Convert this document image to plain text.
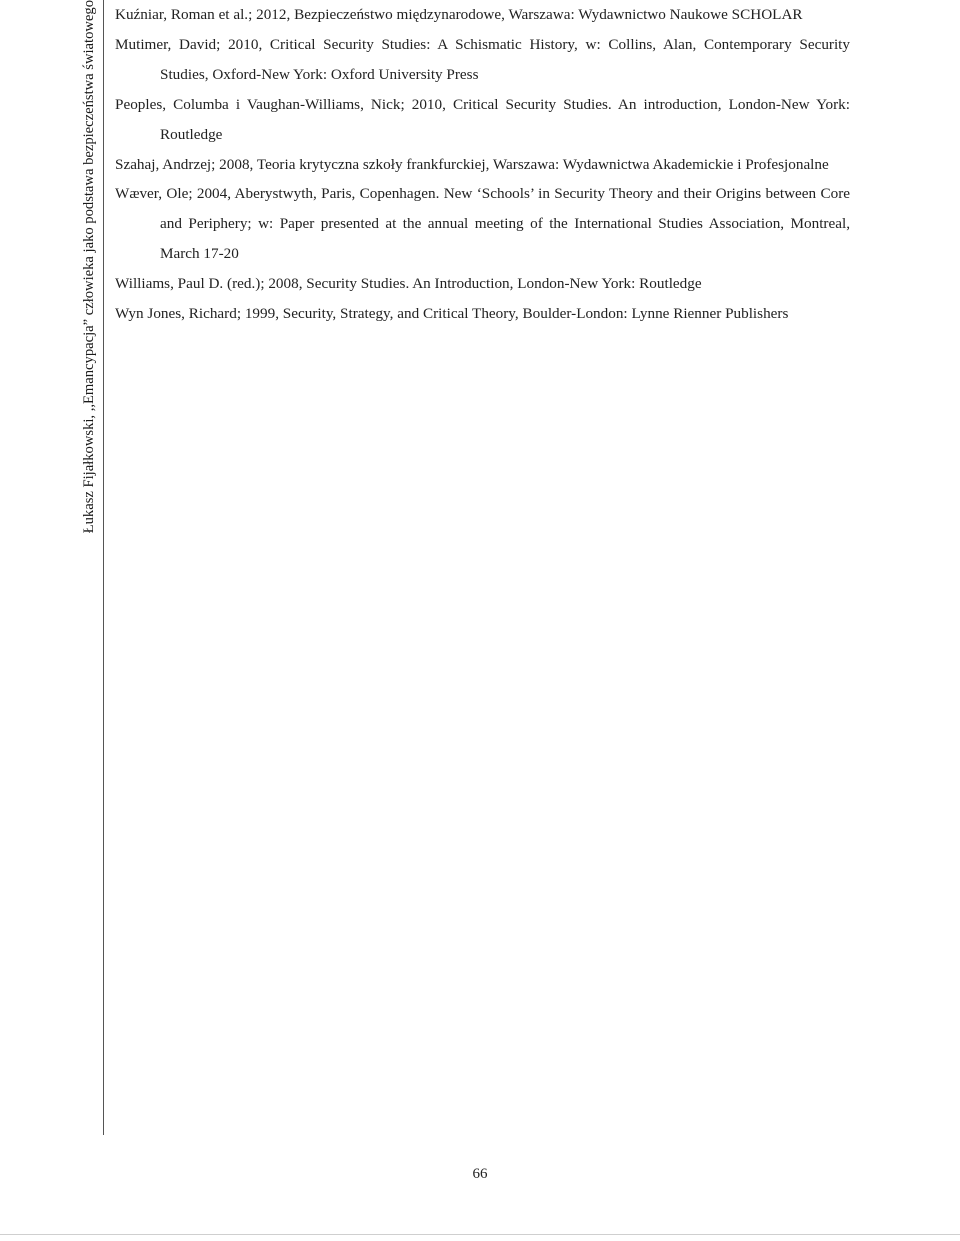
Łukasz Fijałkowski, ,,Emancypacja” człowieka jako podstawa bezpieczeństwa światowego Kuźniar, Roman et al.; 2012, Bezpieczeństwo międzynarodowe, Warszawa: Wydawnictwo Naukowe SCHOLAR
Mutimer, David; 2010, Critical Security Studies: A Schismatic History, w: Collins, Alan, Contemporary Security Studies, Oxford-New York: Oxford University Press
Peoples, Columba i Vaughan-Williams, Nick; 2010, Critical Security Studies. An introduction, London-New York: Routledge
Szahaj, Andrzej; 2008, Teoria krytyczna szkoły frankfurckiej, Warszawa: Wydawnictwa Akademickie i Profesjonalne
Wæver, Ole; 2004, Aberystwyth, Paris, Copenhagen. New ‘Schools’ in Security Theory and their Origins between Core and Periphery; w: Paper presented at the annual meeting of the International Studies Association, Montreal, March 17-20
Williams, Paul D. (red.); 2008, Security Studies. An Introduction, London-New York: Routledge
Wyn Jones, Richard; 1999, Security, Strategy, and Critical Theory, Boulder-London: Lynne Rienner Publishers
66
